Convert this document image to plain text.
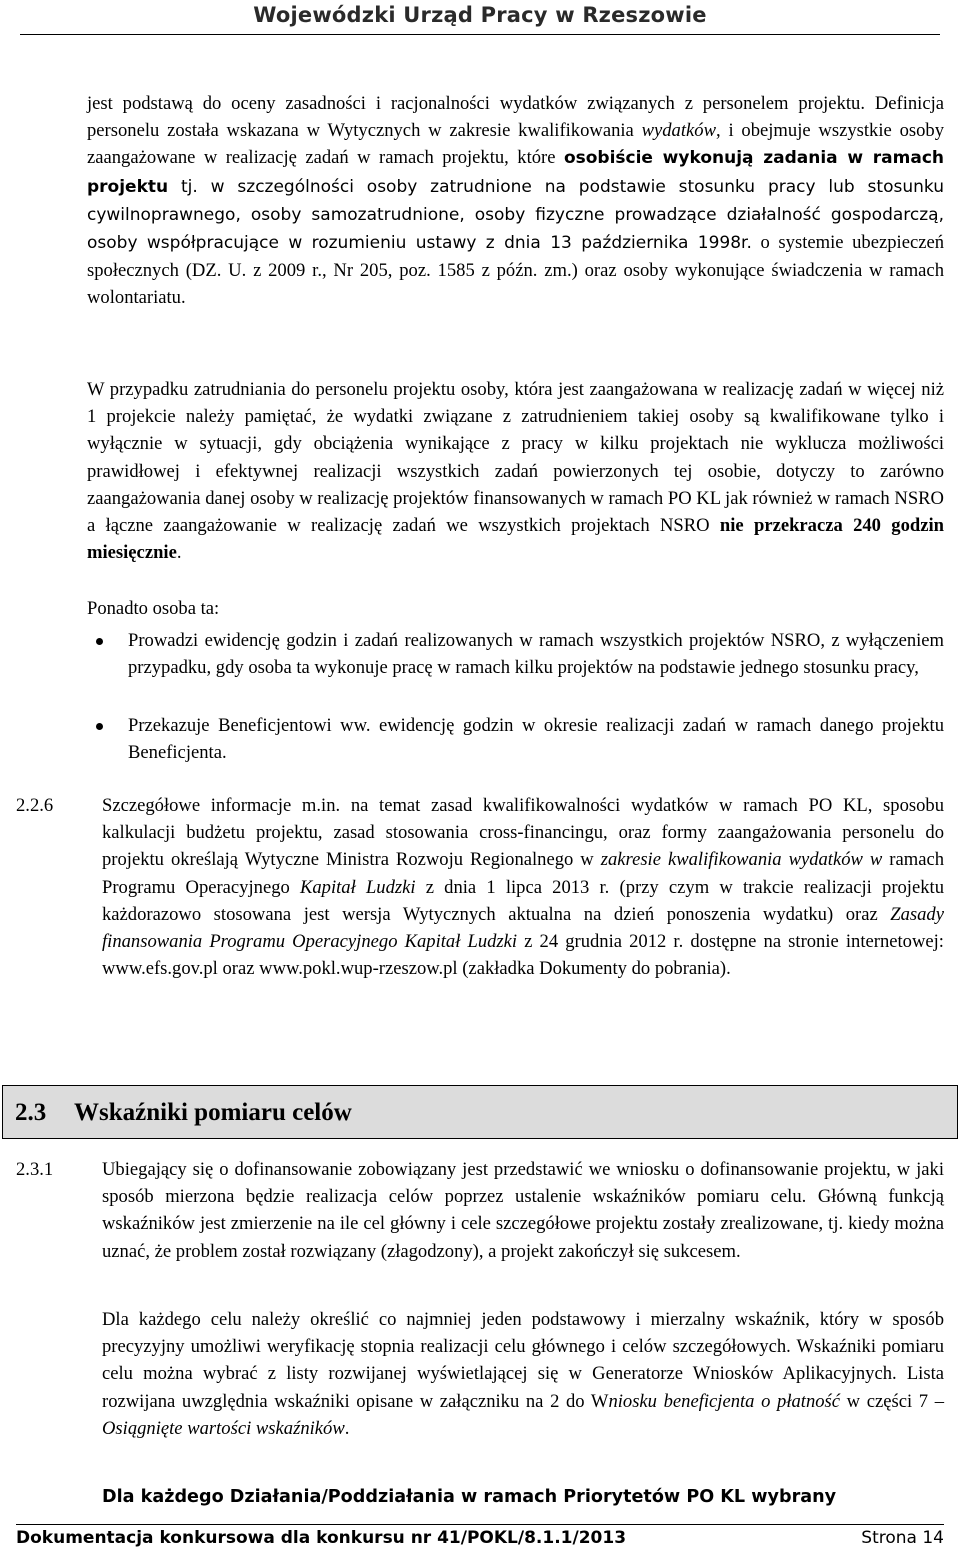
Wojewódzki Urząd Pracy w Rzeszowie
jest podstawą do oceny zasadności i racjonalności wydatków związanych z personelem projektu. Definicja personelu została wskazana w Wytycznych w zakresie kwalifikowania wydatków, i obejmuje wszystkie osoby zaangażowane w realizację zadań w ramach projektu, które osobiście wykonują zadania w ramach projektu tj. w szczególności osoby zatrudnione na podstawie stosunku pracy lub stosunku cywilnoprawnego, osoby samozatrudnione, osoby fizyczne prowadzące działalność gospodarczą, osoby współpracujące w rozumieniu ustawy z dnia 13 października 1998r. o systemie ubezpieczeń społecznych (DZ. U. z 2009 r., Nr 205, poz. 1585 z późn. zm.) oraz osoby wykonujące świadczenia w ramach wolontariatu.
W przypadku zatrudniania do personelu projektu osoby, która jest zaangażowana w realizację zadań w więcej niż 1 projekcie należy pamiętać, że wydatki związane z zatrudnieniem takiej osoby są kwalifikowane tylko i wyłącznie w sytuacji, gdy obciążenia wynikające z pracy w kilku projektach nie wyklucza możliwości prawidłowej i efektywnej realizacji wszystkich zadań powierzonych tej osobie, dotyczy to zarówno zaangażowania danej osoby w realizację projektów finansowanych w ramach PO KL jak również w ramach NSRO a łączne zaangażowanie w realizację zadań we wszystkich projektach NSRO nie przekracza 240 godzin miesięcznie.
Ponadto osoba ta:
Prowadzi ewidencję godzin i zadań realizowanych w ramach wszystkich projektów NSRO, z wyłączeniem przypadku, gdy osoba ta wykonuje pracę w ramach kilku projektów na podstawie jednego stosunku pracy,
Przekazuje Beneficjentowi ww. ewidencję godzin w okresie realizacji zadań w ramach danego projektu Beneficjenta.
2.2.6	Szczegółowe informacje m.in. na temat zasad kwalifikowalności wydatków w ramach PO KL, sposobu kalkulacji budżetu projektu, zasad stosowania cross-financingu, oraz formy zaangażowania personelu do projektu określają Wytyczne Ministra Rozwoju Regionalnego w zakresie kwalifikowania wydatków w ramach Programu Operacyjnego Kapitał Ludzki z dnia 1 lipca 2013 r. (przy czym w trakcie realizacji projektu każdorazowo stosowana jest wersja Wytycznych aktualna na dzień ponoszenia wydatku) oraz Zasady finansowania Programu Operacyjnego Kapitał Ludzki z 24 grudnia 2012 r. dostępne na stronie internetowej: www.efs.gov.pl oraz www.pokl.wup-rzeszow.pl (zakładka Dokumenty do pobrania).
2.3 Wskaźniki pomiaru celów
2.3.1	Ubiegający się o dofinansowanie zobowiązany jest przedstawić we wniosku o dofinansowanie projektu, w jaki sposób mierzona będzie realizacja celów poprzez ustalenie wskaźników pomiaru celu. Główną funkcją wskaźników jest zmierzenie na ile cel główny i cele szczegółowe projektu zostały zrealizowane, tj. kiedy można uznać, że problem został rozwiązany (złagodzony), a projekt zakończył się sukcesem.
Dla każdego celu należy określić co najmniej jeden podstawowy i mierzalny wskaźnik, który w sposób precyzyjny umożliwi weryfikację stopnia realizacji celu głównego i celów szczegółowych. Wskaźniki pomiaru celu można wybrać z listy rozwijanej wyświetlającej się w Generatorze Wniosków Aplikacyjnych. Lista rozwijana uwzględnia wskaźniki opisane w załączniku na 2 do Wniosku beneficjenta o płatność w części 7 – Osiągnięte wartości wskaźników.
Dla każdego Działania/Poddziałania w ramach Priorytetów PO KL wybrany
Dokumentacja konkursowa dla konkursu nr 41/POKL/8.1.1/2013	Strona 14
